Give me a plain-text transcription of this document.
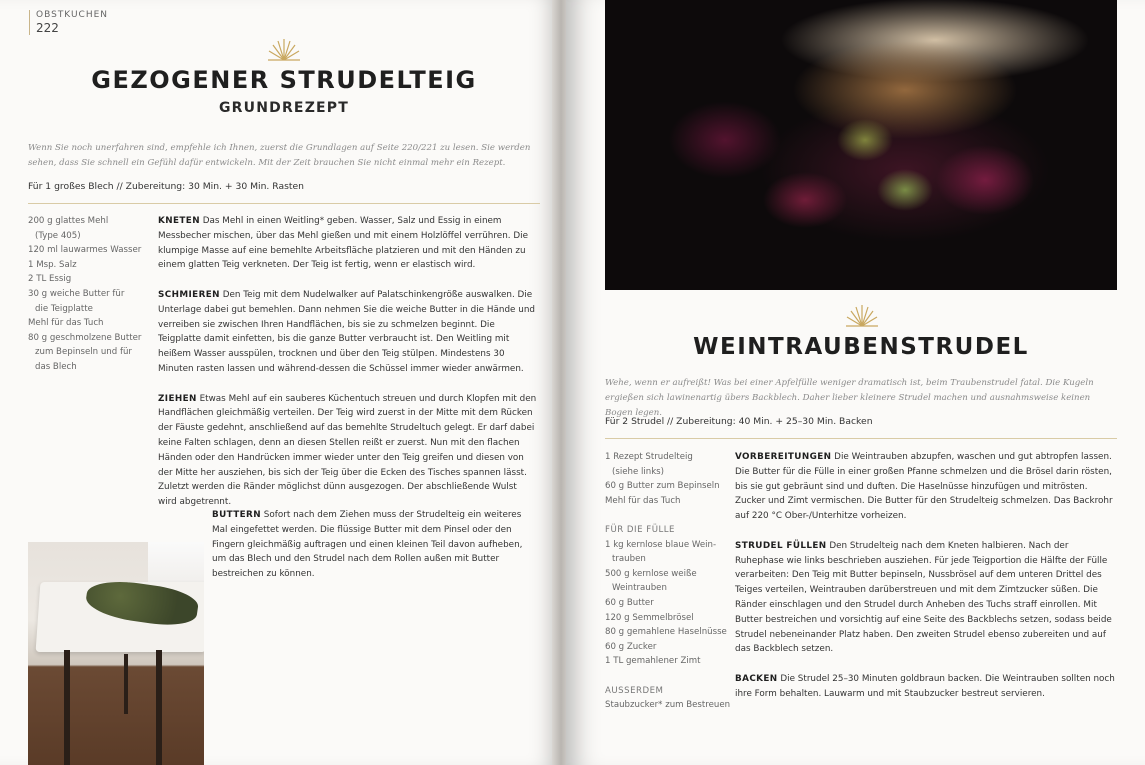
OBSTKUCHEN
222
GEZOGENER STRUDELTEIG
GRUNDREZEPT
Wenn Sie noch unerfahren sind, empfehle ich Ihnen, zuerst die Grundlagen auf Seite 220/221 zu lesen. Sie werden sehen, dass Sie schnell ein Gefühl dafür entwickeln. Mit der Zeit brauchen Sie nicht einmal mehr ein Rezept.
Für 1 großes Blech // Zubereitung: 30 Min. + 30 Min. Rasten
200 g glattes Mehl
(Type 405)
120 ml lauwarmes Wasser
1 Msp. Salz
2 TL Essig
30 g weiche Butter für
die Teigplatte
Mehl für das Tuch
80 g geschmolzene Butter
zum Bepinseln und für
das Blech

KNETEN Das Mehl in einen Weitling* geben. Wasser, Salz und Essig in einem Messbecher mischen, über das Mehl gießen und mit einem Holzlöffel verrühren. Die klumpige Masse auf eine bemehlte Arbeitsfläche platzieren und mit den Händen zu einem glatten Teig verkneten. Der Teig ist fertig, wenn er elastisch wird.

SCHMIEREN Den Teig mit dem Nudelwalker auf Palatschinkengröße auswalken. Die Unterlage dabei gut bemehlen. Dann nehmen Sie die weiche Butter in die Hände und verreiben sie zwischen Ihren Handflächen, bis sie zu schmelzen beginnt. Die Teigplatte damit einfetten, bis die ganze Butter verbraucht ist. Den Weitling mit heißem Wasser ausspülen, trocknen und über den Teig stülpen. Mindestens 30 Minuten rasten lassen und während-dessen die Schüssel immer wieder anwärmen.

ZIEHEN Etwas Mehl auf ein sauberes Küchentuch streuen und durch Klopfen mit den Handflächen gleichmäßig verteilen. Der Teig wird zuerst in der Mitte mit dem Rücken der Fäuste gedehnt, anschließend auf das bemehlte Strudeltuch gelegt. Er darf dabei keine Falten schlagen, denn an diesen Stellen reißt er zuerst. Nun mit den flachen Händen oder den Handrücken immer wieder unter den Teig greifen und diesen von der Mitte her ausziehen, bis sich der Teig über die Ecken des Tisches spannen lässt. Zuletzt werden die Ränder möglichst dünn ausgezogen. Der abschließende Wulst wird abgetrennt.

BUTTERN Sofort nach dem Ziehen muss der Strudelteig ein weiteres Mal eingefettet werden. Die flüssige Butter mit dem Pinsel oder den Fingern gleichmäßig auftragen und einen kleinen Teil davon aufheben, um das Blech und den Strudel nach dem Rollen außen mit Butter bestreichen zu können.

WEINTRAUBENSTRUDEL
Wehe, wenn er aufreißt! Was bei einer Apfelfülle weniger dramatisch ist, beim Traubenstrudel fatal. Die Kugeln ergießen sich lawinenartig übers Backblech. Daher lieber kleinere Strudel machen und ausnahmsweise keinen Bogen legen.
Für 2 Strudel // Zubereitung: 40 Min. + 25–30 Min. Backen
1 Rezept Strudelteig
(siehe links)
60 g Butter zum Bepinseln
Mehl für das Tuch
FÜR DIE FÜLLE
1 kg kernlose blaue Wein-
trauben
500 g kernlose weiße
Weintrauben
60 g Butter
120 g Semmelbrösel
80 g gemahlene Haselnüsse
60 g Zucker
1 TL gemahlener Zimt
AUSSERDEM
Staubzucker* zum Bestreuen

VORBEREITUNGEN Die Weintrauben abzupfen, waschen und gut abtropfen lassen. Die Butter für die Fülle in einer großen Pfanne schmelzen und die Brösel darin rösten, bis sie gut gebräunt sind und duften. Die Haselnüsse hinzufügen und mitrösten. Zucker und Zimt vermischen. Die Butter für den Strudelteig schmelzen. Das Backrohr auf 220 °C Ober-/Unterhitze vorheizen.

STRUDEL FÜLLEN Den Strudelteig nach dem Kneten halbieren. Nach der Ruhephase wie links beschrieben ausziehen. Für jede Teigportion die Hälfte der Fülle verarbeiten: Den Teig mit Butter bepinseln, Nussbrösel auf dem unteren Drittel des Teiges verteilen, Weintrauben darüberstreuen und mit dem Zimtzucker süßen. Die Ränder einschlagen und den Strudel durch Anheben des Tuchs straff einrollen. Mit Butter bestreichen und vorsichtig auf eine Seite des Backblechs setzen, sodass beide Strudel nebeneinander Platz haben. Den zweiten Strudel ebenso zubereiten und auf das Backblech setzen.

BACKEN Die Strudel 25–30 Minuten goldbraun backen. Die Weintrauben sollten noch ihre Form behalten. Lauwarm und mit Staubzucker bestreut servieren.
